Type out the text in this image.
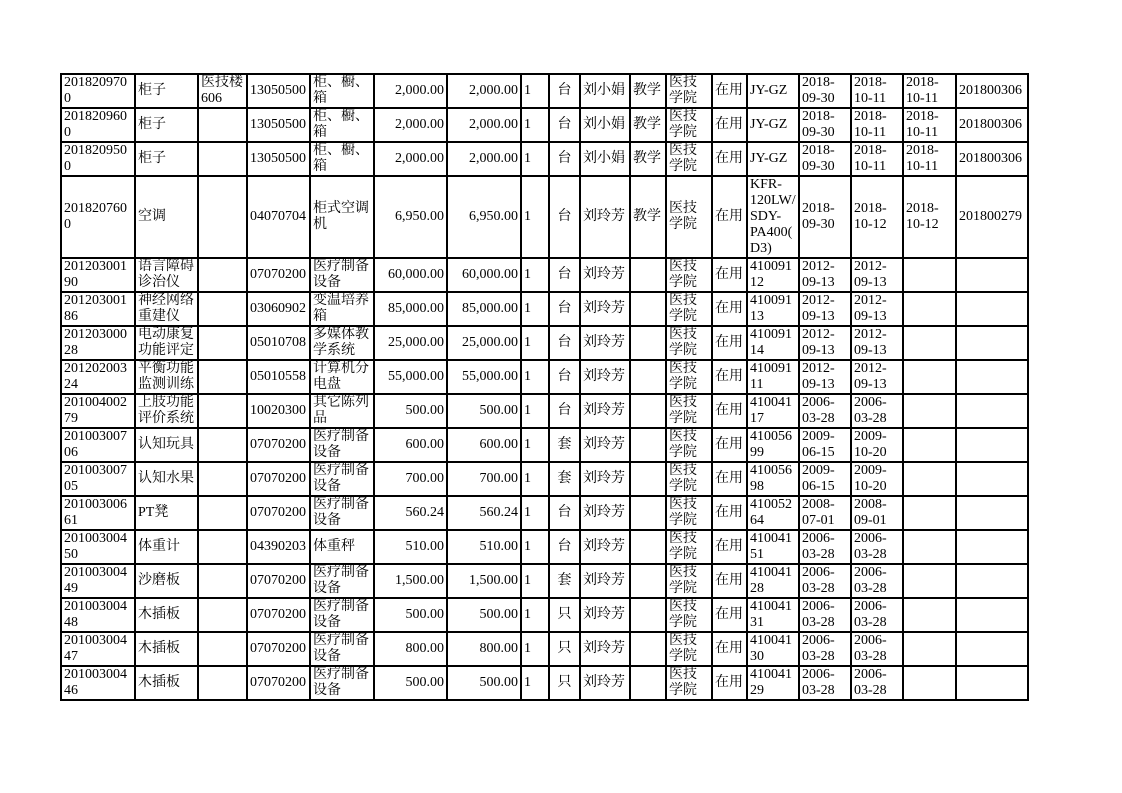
2018209700	柜子	医技楼606	13050500	柜、橱、箱	2,000.00	2,000.00	1	台	刘小娟	教学	医技学院	在用	JY-GZ	2018-09-30	2018-10-11	2018-10-11	201800306
2018209600	柜子		13050500	柜、橱、箱	2,000.00	2,000.00	1	台	刘小娟	教学	医技学院	在用	JY-GZ	2018-09-30	2018-10-11	2018-10-11	201800306
2018209500	柜子		13050500	柜、橱、箱	2,000.00	2,000.00	1	台	刘小娟	教学	医技学院	在用	JY-GZ	2018-09-30	2018-10-11	2018-10-11	201800306
2018207600	空调		04070704	柜式空调机	6,950.00	6,950.00	1	台	刘玲芳	教学	医技学院	在用	KFR-120LW/SDY-PA400(D3)	2018-09-30	2018-10-12	2018-10-12	201800279
20120300190	语言障碍诊治仪		07070200	医疗制备设备	60,000.00	60,000.00	1	台	刘玲芳		医技学院	在用	41009112	2012-09-13	2012-09-13		
20120300186	神经网络重建仪		03060902	变温培养箱	85,000.00	85,000.00	1	台	刘玲芳		医技学院	在用	41009113	2012-09-13	2012-09-13		
20120300028	电动康复功能评定		05010708	多媒体教学系统	25,000.00	25,000.00	1	台	刘玲芳		医技学院	在用	41009114	2012-09-13	2012-09-13		
20120200324	平衡功能监测训练		05010558	计算机分电盘	55,000.00	55,000.00	1	台	刘玲芳		医技学院	在用	41009111	2012-09-13	2012-09-13		
20100400279	上肢功能评价系统		10020300	其它陈列品	500.00	500.00	1	台	刘玲芳		医技学院	在用	41004117	2006-03-28	2006-03-28		
20100300706	认知玩具		07070200	医疗制备设备	600.00	600.00	1	套	刘玲芳		医技学院	在用	41005699	2009-06-15	2009-10-20		
20100300705	认知水果		07070200	医疗制备设备	700.00	700.00	1	套	刘玲芳		医技学院	在用	41005698	2009-06-15	2009-10-20		
20100300661	PT凳		07070200	医疗制备设备	560.24	560.24	1	台	刘玲芳		医技学院	在用	41005264	2008-07-01	2008-09-01		
20100300450	体重计		04390203	体重秤	510.00	510.00	1	台	刘玲芳		医技学院	在用	41004151	2006-03-28	2006-03-28		
20100300449	沙磨板		07070200	医疗制备设备	1,500.00	1,500.00	1	套	刘玲芳		医技学院	在用	41004128	2006-03-28	2006-03-28		
20100300448	木插板		07070200	医疗制备设备	500.00	500.00	1	只	刘玲芳		医技学院	在用	41004131	2006-03-28	2006-03-28		
20100300447	木插板		07070200	医疗制备设备	800.00	800.00	1	只	刘玲芳		医技学院	在用	41004130	2006-03-28	2006-03-28		
20100300446	木插板		07070200	医疗制备设备	500.00	500.00	1	只	刘玲芳		医技学院	在用	41004129	2006-03-28	2006-03-28		
